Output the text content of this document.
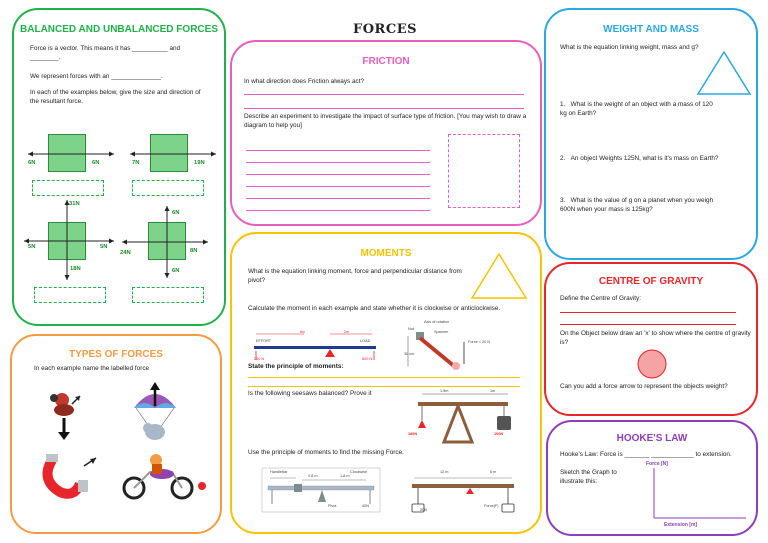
FORCES
BALANCED AND UNBALANCED FORCES
Force is a vector. This means it has __________ and ________.
We represent forces with an ______________.
In each of the examples below, give the size and direction of the resultant force.
6N	6N	7N	19N
31N
5N	5N
18N
6N
24N	8N
6N
TYPES OF FORCES
In each example name the labelled force
FRICTION
In what direction does Friction always act?
Describe an experiment to investigate the impact of surface type of friction. [You may wish to draw a diagram to help you]
MOMENTS
What is the equation linking moment, force and perpendicular distance from pivot?
Calculate the moment in each example and state whether it is clockwise or anticlockwise.
EFFORT	LOAD
6m	2m
200 N	600 N
Axis of rotation
Nut
Spanner
Force = 20 N
30 cm
State the principle of moments:
Is the following seesaws balanced? Prove it	1.5m	1m
180N	100N
Use the principle of moments to find the missing Force.
Handlebar	Clockwise
0.8 m	1.8 m
Pivot	40N
12 m	6 m
20N
Force(F)
WEIGHT AND MASS
What is the equation linking weight, mass and g?
1.   What is the weight of an object with a mass of 120 kg on Earth?
2.   An object Weights 125N, what is it's mass on Earth?
3.   What is the value of g on a planet when you weigh 600N when your mass is 125kg?
CENTRE OF GRAVITY
Define the Centre of Gravity:
On the Object below draw an 'x' to show where the centre of gravity is?
Can you add a force arrow to represent the objects weight?
HOOKE'S LAW
Hooke's Law: Force is _______ ____________ to extension.
Sketch the Graph to illustrate this:
Force [N]
Extension [m]
